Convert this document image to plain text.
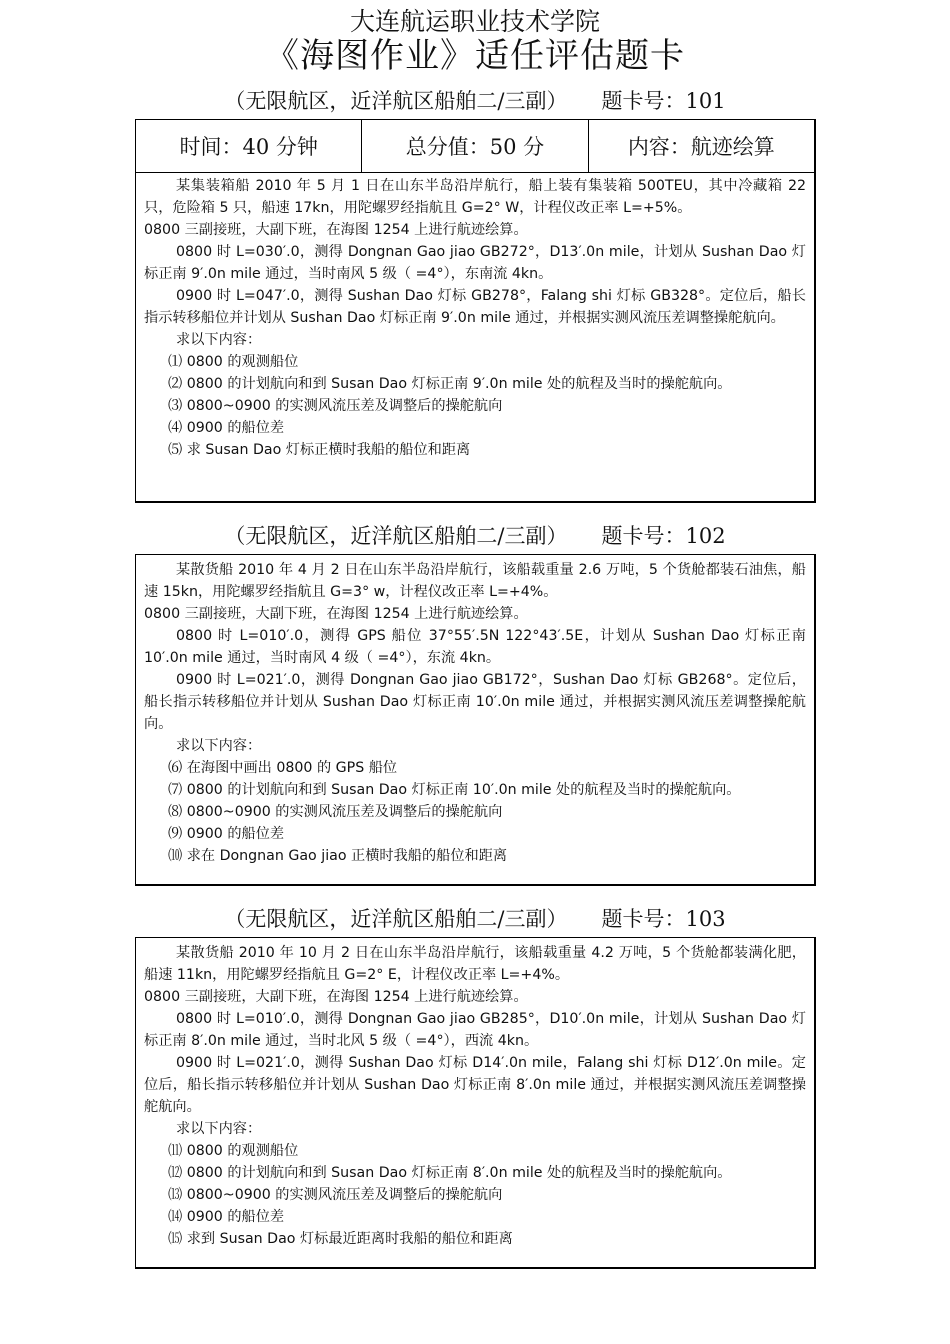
大连航运职业技术学院
《海图作业》适任评估题卡
（无限航区，近洋航区船舶二/三副） 题卡号：101
时间：40 分钟	总分值：50 分	内容：航迹绘算

某集装箱船 2010 年 5 月 1 日在山东半岛沿岸航行，船上装有集装箱 500TEU，其中冷藏箱 22 只，危险箱 5 只，船速 17kn，用陀螺罗经指航且 G=2° W，计程仪改正率 L=+5%。

0800 三副接班，大副下班，在海图 1254 上进行航迹绘算。

0800 时 L=030′.0，测得 Dongnan Gao jiao GB272°，D13′.0n mile，计划从 Sushan Dao 灯标正南 9′.0n mile 通过，当时南风 5 级（ =4°），东南流 4kn。

0900 时 L=047′.0，测得 Sushan Dao 灯标 GB278°，Falang shi 灯标 GB328°。定位后，船长指示转移船位并计划从 Sushan Dao 灯标正南 9′.0n mile 通过，并根据实测风流压差调整操舵航向。

求以下内容：

⑴ 0800 的观测船位

⑵ 0800 的计划航向和到 Susan Dao 灯标正南 9′.0n mile 处的航程及当时的操舵航向。

⑶ 0800~0900 的实测风流压差及调整后的操舵航向

⑷ 0900 的船位差

⑸ 求 Susan Dao 灯标正横时我船的船位和距离

（无限航区，近洋航区船舶二/三副） 题卡号：102

某散货船 2010 年 4 月 2 日在山东半岛沿岸航行，该船载重量 2.6 万吨，5 个货舱都装石油焦，船速 15kn，用陀螺罗经指航且 G=3° w，计程仪改正率 L=+4%。

0800 三副接班，大副下班，在海图 1254 上进行航迹绘算。

0800 时 L=010′.0，测得 GPS 船位 37°55′.5N 122°43′.5E，计划从 Sushan Dao 灯标正南 10′.0n mile 通过，当时南风 4 级（ =4°），东流 4kn。

0900 时 L=021′.0，测得 Dongnan Gao jiao GB172°，Sushan Dao 灯标 GB268°。定位后，船长指示转移船位并计划从 Sushan Dao 灯标正南 10′.0n mile 通过，并根据实测风流压差调整操舵航向。

求以下内容：

⑹ 在海图中画出 0800 的 GPS 船位

⑺ 0800 的计划航向和到 Susan Dao 灯标正南 10′.0n mile 处的航程及当时的操舵航向。

⑻ 0800~0900 的实测风流压差及调整后的操舵航向

⑼ 0900 的船位差

⑽ 求在 Dongnan Gao jiao 正横时我船的船位和距离

（无限航区，近洋航区船舶二/三副） 题卡号：103

某散货船 2010 年 10 月 2 日在山东半岛沿岸航行，该船载重量 4.2 万吨，5 个货舱都装满化肥，船速 11kn，用陀螺罗经指航且 G=2° E，计程仪改正率 L=+4%。

0800 三副接班，大副下班，在海图 1254 上进行航迹绘算。

0800 时 L=010′.0，测得 Dongnan Gao jiao GB285°，D10′.0n mile，计划从 Sushan Dao 灯标正南 8′.0n mile 通过，当时北风 5 级（ =4°），西流 4kn。

0900 时 L=021′.0，测得 Sushan Dao 灯标 D14′.0n mile，Falang shi 灯标 D12′.0n mile。定位后，船长指示转移船位并计划从 Sushan Dao 灯标正南 8′.0n mile 通过，并根据实测风流压差调整操舵航向。

求以下内容：

⑾ 0800 的观测船位

⑿ 0800 的计划航向和到 Susan Dao 灯标正南 8′.0n mile 处的航程及当时的操舵航向。

⒀ 0800~0900 的实测风流压差及调整后的操舵航向

⒁ 0900 的船位差

⒂ 求到 Susan Dao 灯标最近距离时我船的船位和距离
